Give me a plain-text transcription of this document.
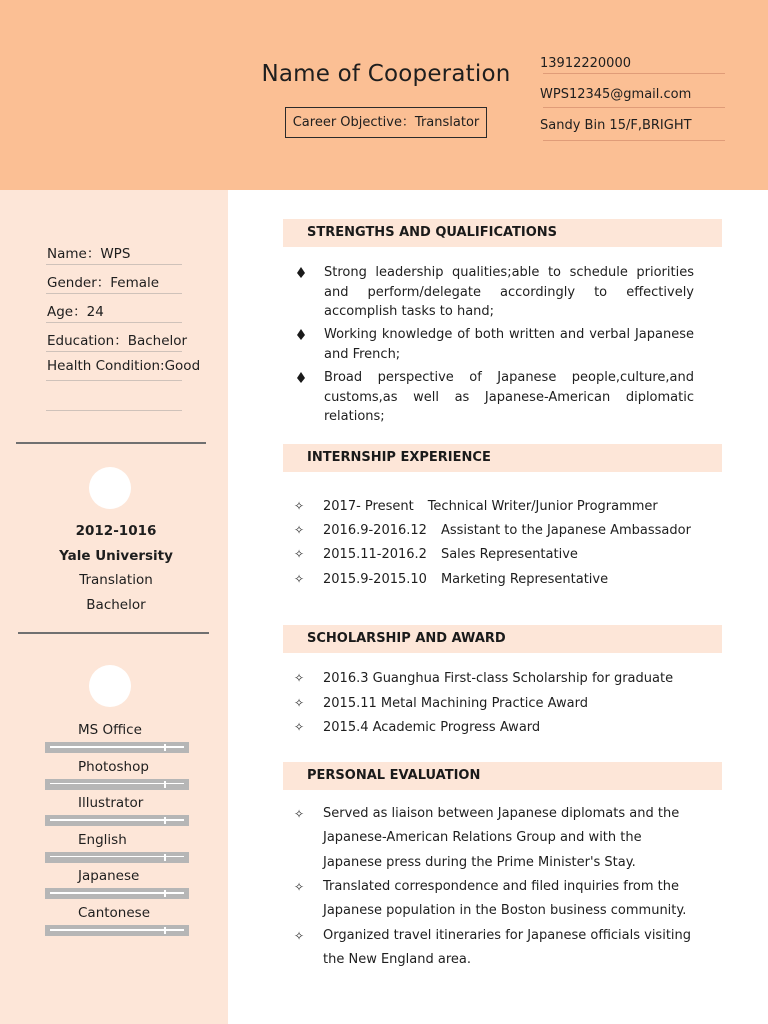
Name of Cooperation
Career Objective：Translator
13912220000
WPS12345@gmail.com
Sandy Bin 15/F,BRIGHT
Name：WPS
Gender：Female
Age：24
Education：Bachelor
Health Condition:Good
2012-1016
Yale University
Translation
Bachelor
MS Office
Photoshop
Illustrator
English
Japanese
Cantonese
STRENGTHS AND QUALIFICATIONS
Strong leadership qualities;able to schedule priorities and perform/delegate accordingly to effectively accomplish tasks to hand;
Working knowledge of both written and verbal Japanese and French;
Broad perspective of Japanese people,culture,and customs,as well as Japanese-American diplomatic relations;
INTERNSHIP EXPERIENCE
✧ 2017- Present Technical Writer/Junior Programmer
✧ 2016.9-2016.12 Assistant to the Japanese Ambassador
✧ 2015.11-2016.2 Sales Representative
✧ 2015.9-2015.10 Marketing Representative
SCHOLARSHIP AND AWARD
✧ 2016.3 Guanghua First-class Scholarship for graduate
✧ 2015.11 Metal Machining Practice Award
✧ 2015.4 Academic Progress Award
PERSONAL EVALUATION
✧ Served as liaison between Japanese diplomats and the Japanese-American Relations Group and with the Japanese press during the Prime Minister's Stay.
✧ Translated correspondence and filed inquiries from the Japanese population in the Boston business community.
✧ Organized travel itineraries for Japanese officials visiting the New England area.
